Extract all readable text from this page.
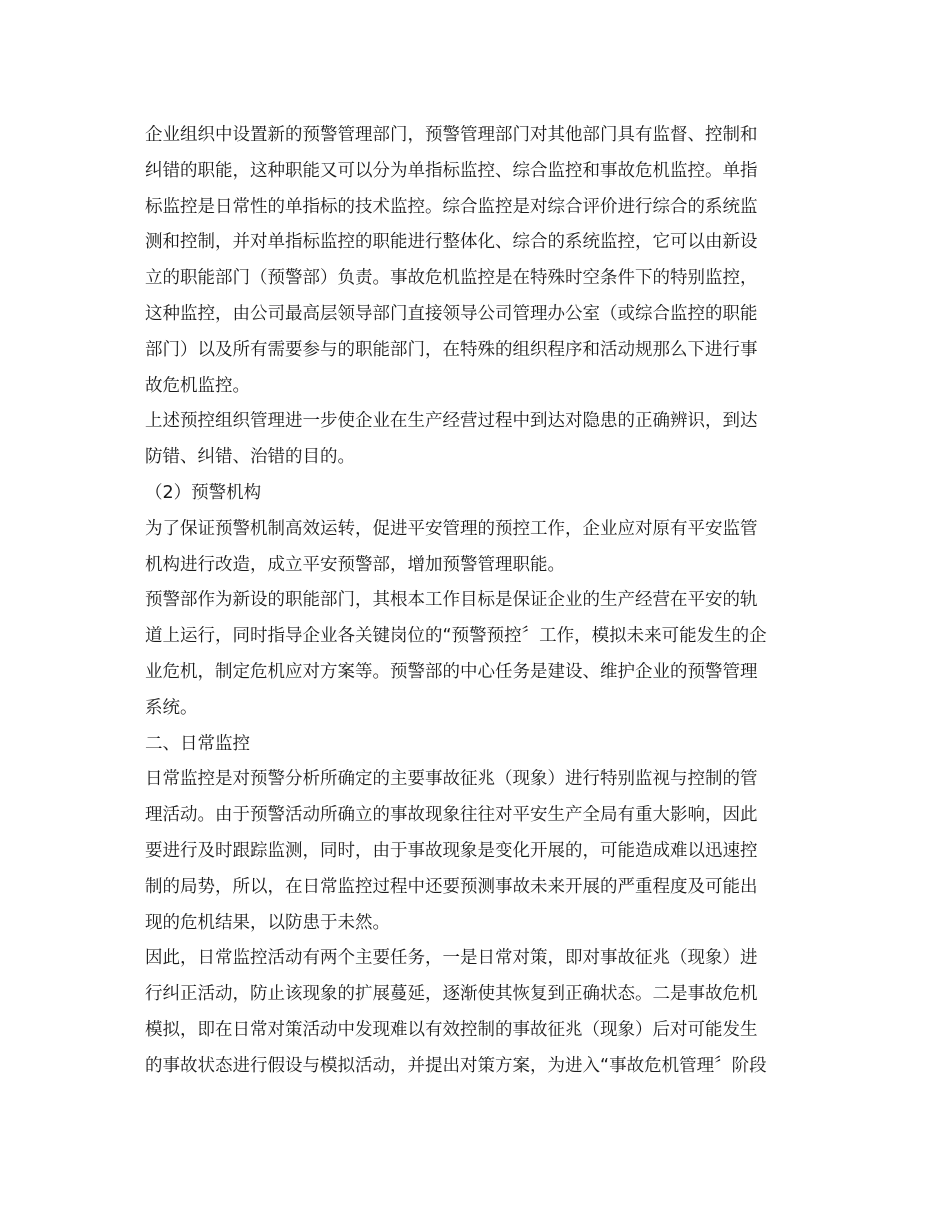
企业组织中设置新的预警管理部门，预警管理部门对其他部门具有监督、控制和
纠错的职能，这种职能又可以分为单指标监控、综合监控和事故危机监控。单指
标监控是日常性的单指标的技术监控。综合监控是对综合评价进行综合的系统监
测和控制，并对单指标监控的职能进行整体化、综合的系统监控，它可以由新设
立的职能部门（预警部）负责。事故危机监控是在特殊时空条件下的特别监控，
这种监控，由公司最高层领导部门直接领导公司管理办公室（或综合监控的职能
部门）以及所有需要参与的职能部门，在特殊的组织程序和活动规那么下进行事
故危机监控。
上述预控组织管理进一步使企业在生产经营过程中到达对隐患的正确辨识，到达
防错、纠错、治错的目的。
（2）预警机构
为了保证预警机制高效运转，促进平安管理的预控工作，企业应对原有平安监管
机构进行改造，成立平安预警部，增加预警管理职能。
预警部作为新设的职能部门，其根本工作目标是保证企业的生产经营在平安的轨
道上运行，同时指导企业各关键岗位的“预警预控〞工作，模拟未来可能发生的企
业危机，制定危机应对方案等。预警部的中心任务是建设、维护企业的预警管理
系统。
二、日常监控
日常监控是对预警分析所确定的主要事故征兆（现象）进行特别监视与控制的管
理活动。由于预警活动所确立的事故现象往往对平安生产全局有重大影响，因此
要进行及时跟踪监测，同时，由于事故现象是变化开展的，可能造成难以迅速控
制的局势，所以，在日常监控过程中还要预测事故未来开展的严重程度及可能出
现的危机结果，以防患于未然。
因此，日常监控活动有两个主要任务，一是日常对策，即对事故征兆（现象）进
行纠正活动，防止该现象的扩展蔓延，逐渐使其恢复到正确状态。二是事故危机
模拟，即在日常对策活动中发现难以有效控制的事故征兆（现象）后对可能发生
的事故状态进行假设与模拟活动，并提出对策方案，为进入“事故危机管理〞阶段
